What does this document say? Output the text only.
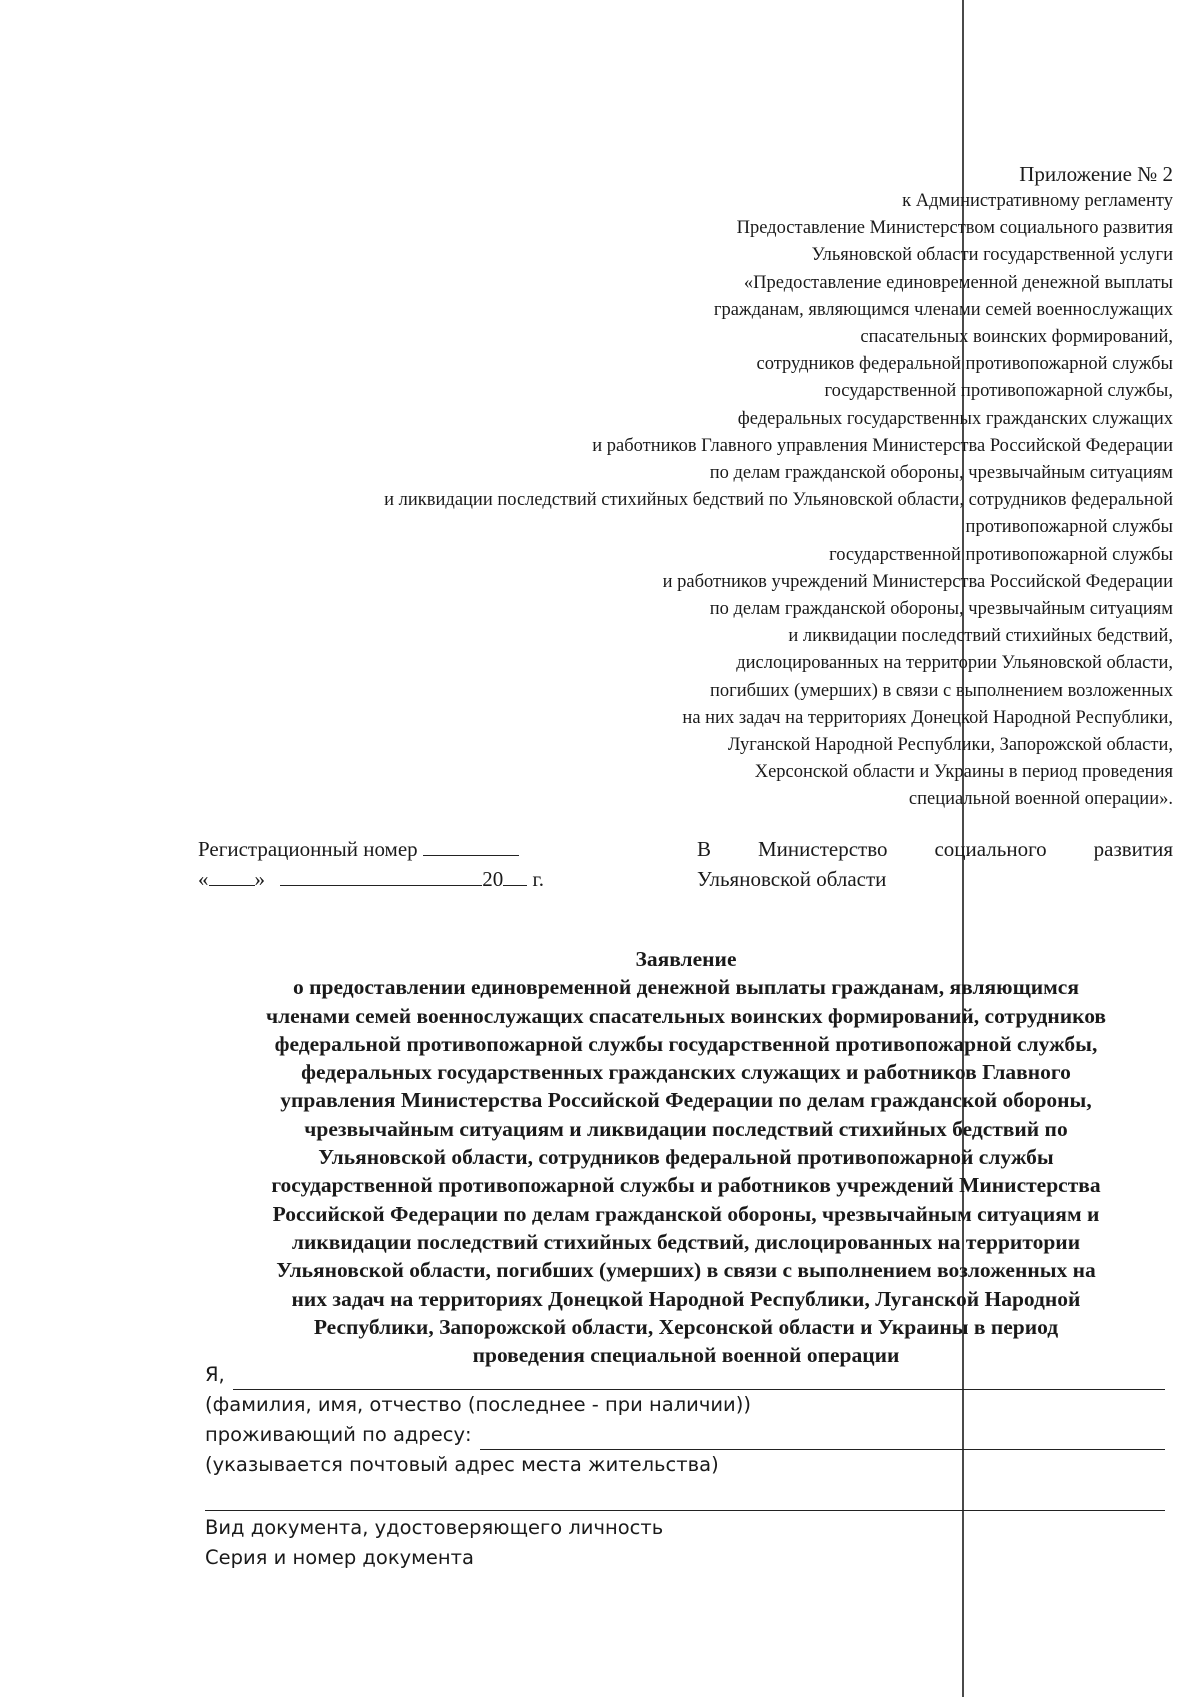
Приложение № 2
к Административному регламенту
Предоставление Министерством социального развития
Ульяновской области государственной услуги
«Предоставление единовременной денежной выплаты
гражданам, являющимся членами семей военнослужащих
спасательных воинских формирований,
сотрудников федеральной противопожарной службы
государственной противопожарной службы,
федеральных государственных гражданских служащих
и работников Главного управления Министерства Российской Федерации
по делам гражданской обороны, чрезвычайным ситуациям
и ликвидации последствий стихийных бедствий по Ульяновской области, сотрудников федеральной
противопожарной службы
государственной противопожарной службы
и работников учреждений Министерства Российской Федерации
по делам гражданской обороны, чрезвычайным ситуациям
и ликвидации последствий стихийных бедствий,
дислоцированных на территории Ульяновской области,
погибших (умерших) в связи с выполнением возложенных
на них задач на территориях Донецкой Народной Республики,
Луганской Народной Республики, Запорожской области,
Херсонской области и Украины в период проведения
специальной военной операции».
Регистрационный номер
« »	20 г.
В Министерство социального развития
Ульяновской области
Заявление
о предоставлении единовременной денежной выплаты гражданам, являющимся
членами семей военнослужащих спасательных воинских формирований, сотрудников
федеральной противопожарной службы государственной противопожарной службы,
федеральных государственных гражданских служащих и работников Главного
управления Министерства Российской Федерации по делам гражданской обороны,
чрезвычайным ситуациям и ликвидации последствий стихийных бедствий по
Ульяновской области, сотрудников федеральной противопожарной службы
государственной противопожарной службы и работников учреждений Министерства
Российской Федерации по делам гражданской обороны, чрезвычайным ситуациям и
ликвидации последствий стихийных бедствий, дислоцированных на территории
Ульяновской области, погибших (умерших) в связи с выполнением возложенных на
них задач на территориях Донецкой Народной Республики, Луганской Народной
Республики, Запорожской области, Херсонской области и Украины в период
проведения специальной военной операции
Я,
(фамилия, имя, отчество (последнее - при наличии))
проживающий по адресу:
(указывается почтовый адрес места жительства)
Вид документа, удостоверяющего личность
Серия и номер документа
